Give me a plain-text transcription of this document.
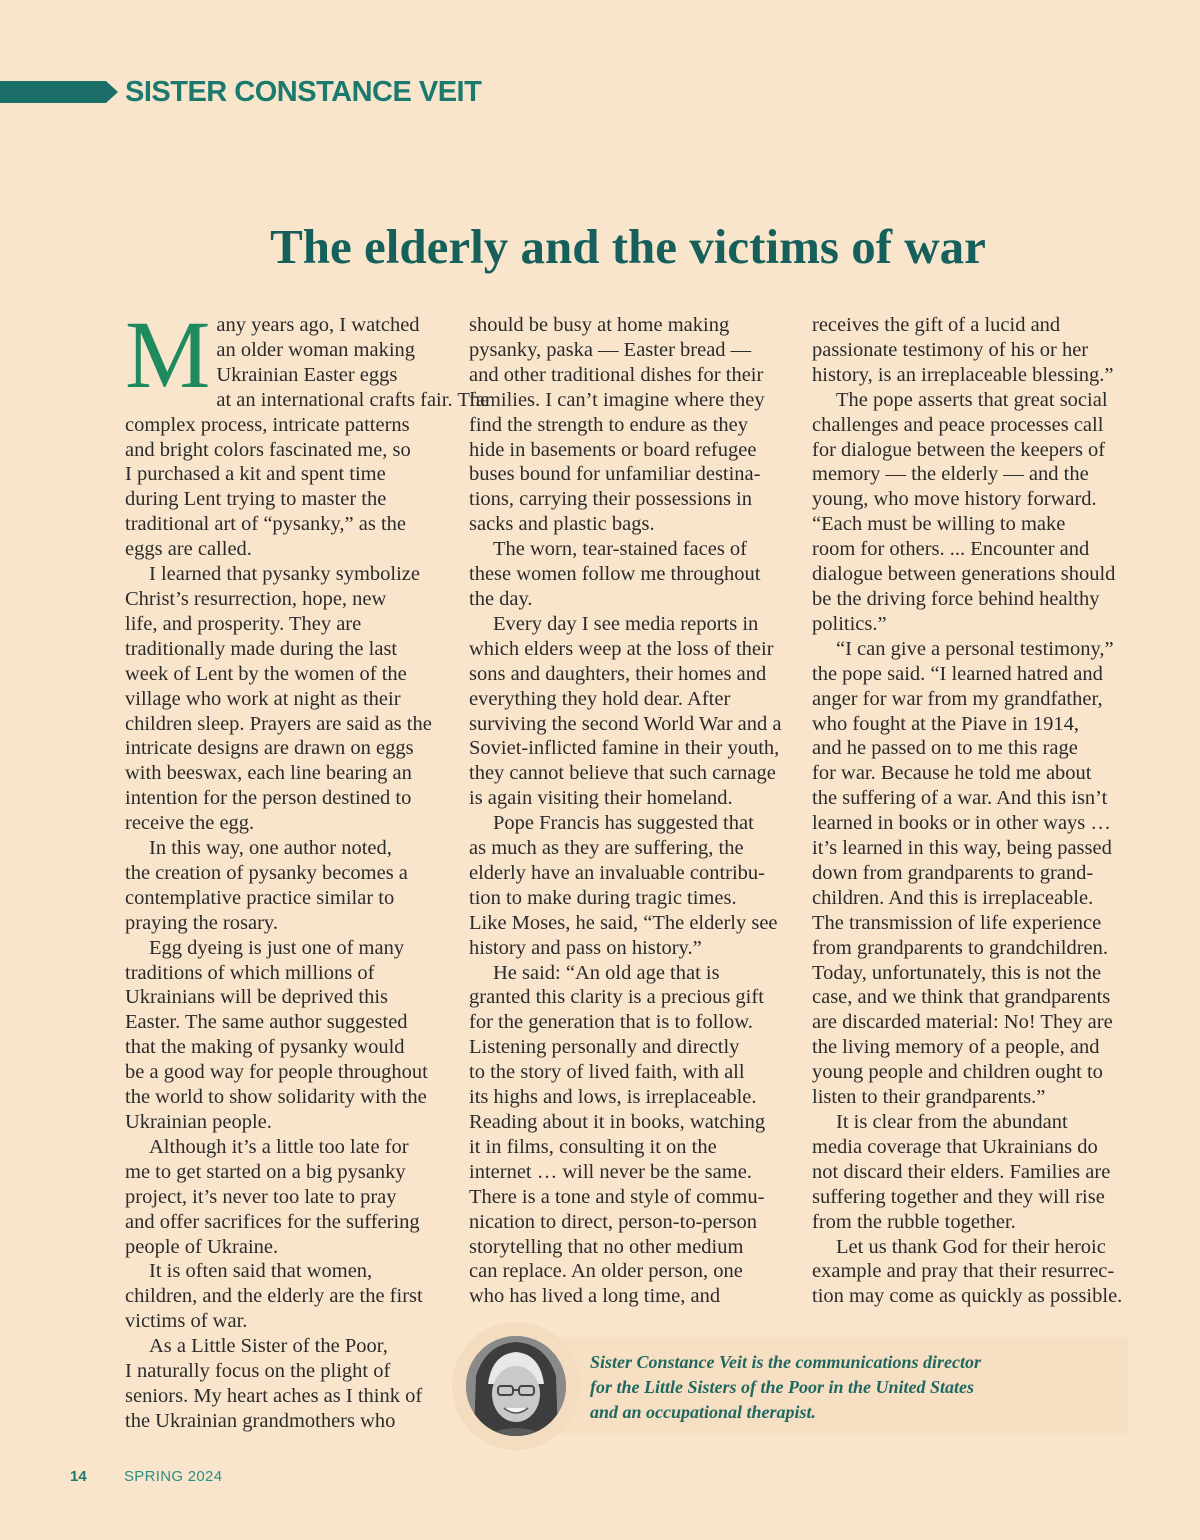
SISTER CONSTANCE VEIT
The elderly and the victims of war
M any years ago, I watched
an older woman making
Ukrainian Easter eggs
at an international crafts fair. The
complex process, intricate patterns
and bright colors fascinated me, so
I purchased a kit and spent time
during Lent trying to master the
traditional art of “pysanky,” as the
eggs are called.
I learned that pysanky symbolize
Christ’s resurrection, hope, new
life, and prosperity. They are
traditionally made during the last
week of Lent by the women of the
village who work at night as their
children sleep. Prayers are said as the
intricate designs are drawn on eggs
with beeswax, each line bearing an
intention for the person destined to
receive the egg.
In this way, one author noted,
the creation of pysanky becomes a
contemplative practice similar to
praying the rosary.
Egg dyeing is just one of many
traditions of which millions of
Ukrainians will be deprived this
Easter. The same author suggested
that the making of pysanky would
be a good way for people throughout
the world to show solidarity with the
Ukrainian people.
Although it’s a little too late for
me to get started on a big pysanky
project, it’s never too late to pray
and offer sacrifices for the suffering
people of Ukraine.
It is often said that women,
children, and the elderly are the first
victims of war.
As a Little Sister of the Poor,
I naturally focus on the plight of
seniors. My heart aches as I think of
the Ukrainian grandmothers who
should be busy at home making
pysanky, paska — Easter bread —
and other traditional dishes for their
families. I can’t imagine where they
find the strength to endure as they
hide in basements or board refugee
buses bound for unfamiliar destina-
tions, carrying their possessions in
sacks and plastic bags.
The worn, tear-stained faces of
these women follow me throughout
the day.
Every day I see media reports in
which elders weep at the loss of their
sons and daughters, their homes and
everything they hold dear. After
surviving the second World War and a
Soviet-inflicted famine in their youth,
they cannot believe that such carnage
is again visiting their homeland.
Pope Francis has suggested that
as much as they are suffering, the
elderly have an invaluable contribu-
tion to make during tragic times.
Like Moses, he said, “The elderly see
history and pass on history.”
He said: “An old age that is
granted this clarity is a precious gift
for the generation that is to follow.
Listening personally and directly
to the story of lived faith, with all
its highs and lows, is irreplaceable.
Reading about it in books, watching
it in films, consulting it on the
internet … will never be the same.
There is a tone and style of commu-
nication to direct, person-to-person
storytelling that no other medium
can replace. An older person, one
who has lived a long time, and
receives the gift of a lucid and
passionate testimony of his or her
history, is an irreplaceable blessing.”
The pope asserts that great social
challenges and peace processes call
for dialogue between the keepers of
memory — the elderly — and the
young, who move history forward.
“Each must be willing to make
room for others. ... Encounter and
dialogue between generations should
be the driving force behind healthy
politics.”
“I can give a personal testimony,”
the pope said. “I learned hatred and
anger for war from my grandfather,
who fought at the Piave in 1914,
and he passed on to me this rage
for war. Because he told me about
the suffering of a war. And this isn’t
learned in books or in other ways …
it’s learned in this way, being passed
down from grandparents to grand-
children. And this is irreplaceable.
The transmission of life experience
from grandparents to grandchildren.
Today, unfortunately, this is not the
case, and we think that grandparents
are discarded material: No! They are
the living memory of a people, and
young people and children ought to
listen to their grandparents.”
It is clear from the abundant
media coverage that Ukrainians do
not discard their elders. Families are
suffering together and they will rise
from the rubble together.
Let us thank God for their heroic
example and pray that their resurrec-
tion may come as quickly as possible.
Sister Constance Veit is the communications director
for the Little Sisters of the Poor in the United States
and an occupational therapist.
14 SPRING 2024
